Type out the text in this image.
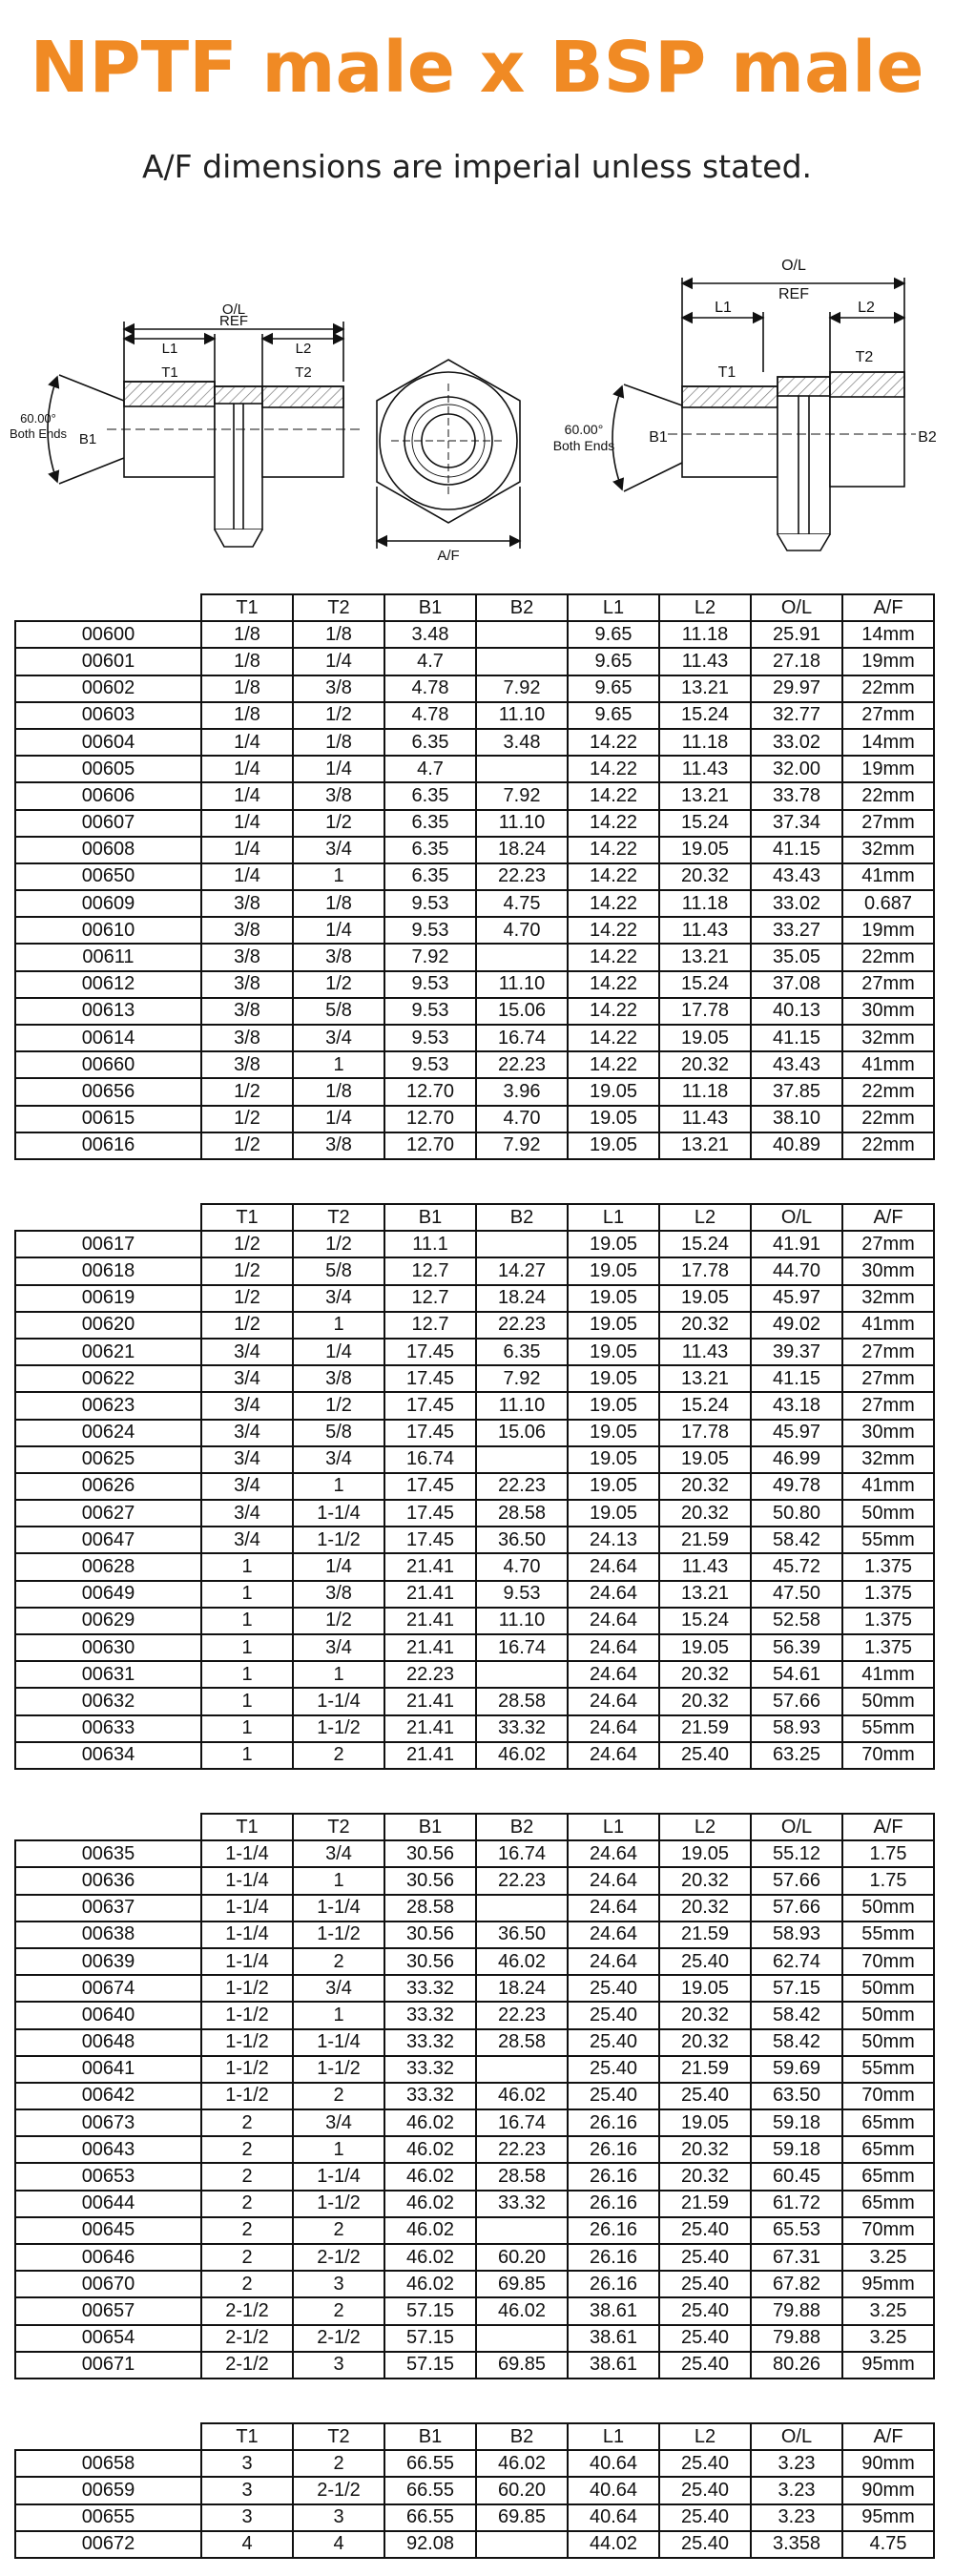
NPTF male x BSP male
A/F dimensions are imperial unless stated.
O/L
REF
L1	L2
T1	T2
B1
60.00°
Both Ends
A/F
O/L
REF
L1	L2
T1
T2
B1	B2
60.00°
Both Ends
	T1	T2	B1	B2	L1	L2	O/L	A/F
00600	1/8	1/8	3.48		9.65	11.18	25.91	14mm
00601	1/8	1/4	4.7		9.65	11.43	27.18	19mm
00602	1/8	3/8	4.78	7.92	9.65	13.21	29.97	22mm
00603	1/8	1/2	4.78	11.10	9.65	15.24	32.77	27mm
00604	1/4	1/8	6.35	3.48	14.22	11.18	33.02	14mm
00605	1/4	1/4	4.7		14.22	11.43	32.00	19mm
00606	1/4	3/8	6.35	7.92	14.22	13.21	33.78	22mm
00607	1/4	1/2	6.35	11.10	14.22	15.24	37.34	27mm
00608	1/4	3/4	6.35	18.24	14.22	19.05	41.15	32mm
00650	1/4	1	6.35	22.23	14.22	20.32	43.43	41mm
00609	3/8	1/8	9.53	4.75	14.22	11.18	33.02	0.687
00610	3/8	1/4	9.53	4.70	14.22	11.43	33.27	19mm
00611	3/8	3/8	7.92		14.22	13.21	35.05	22mm
00612	3/8	1/2	9.53	11.10	14.22	15.24	37.08	27mm
00613	3/8	5/8	9.53	15.06	14.22	17.78	40.13	30mm
00614	3/8	3/4	9.53	16.74	14.22	19.05	41.15	32mm
00660	3/8	1	9.53	22.23	14.22	20.32	43.43	41mm
00656	1/2	1/8	12.70	3.96	19.05	11.18	37.85	22mm
00615	1/2	1/4	12.70	4.70	19.05	11.43	38.10	22mm
00616	1/2	3/8	12.70	7.92	19.05	13.21	40.89	22mm
	T1	T2	B1	B2	L1	L2	O/L	A/F
00617	1/2	1/2	11.1		19.05	15.24	41.91	27mm
00618	1/2	5/8	12.7	14.27	19.05	17.78	44.70	30mm
00619	1/2	3/4	12.7	18.24	19.05	19.05	45.97	32mm
00620	1/2	1	12.7	22.23	19.05	20.32	49.02	41mm
00621	3/4	1/4	17.45	6.35	19.05	11.43	39.37	27mm
00622	3/4	3/8	17.45	7.92	19.05	13.21	41.15	27mm
00623	3/4	1/2	17.45	11.10	19.05	15.24	43.18	27mm
00624	3/4	5/8	17.45	15.06	19.05	17.78	45.97	30mm
00625	3/4	3/4	16.74		19.05	19.05	46.99	32mm
00626	3/4	1	17.45	22.23	19.05	20.32	49.78	41mm
00627	3/4	1-1/4	17.45	28.58	19.05	20.32	50.80	50mm
00647	3/4	1-1/2	17.45	36.50	24.13	21.59	58.42	55mm
00628	1	1/4	21.41	4.70	24.64	11.43	45.72	1.375
00649	1	3/8	21.41	9.53	24.64	13.21	47.50	1.375
00629	1	1/2	21.41	11.10	24.64	15.24	52.58	1.375
00630	1	3/4	21.41	16.74	24.64	19.05	56.39	1.375
00631	1	1	22.23		24.64	20.32	54.61	41mm
00632	1	1-1/4	21.41	28.58	24.64	20.32	57.66	50mm
00633	1	1-1/2	21.41	33.32	24.64	21.59	58.93	55mm
00634	1	2	21.41	46.02	24.64	25.40	63.25	70mm
	T1	T2	B1	B2	L1	L2	O/L	A/F
00635	1-1/4	3/4	30.56	16.74	24.64	19.05	55.12	1.75
00636	1-1/4	1	30.56	22.23	24.64	20.32	57.66	1.75
00637	1-1/4	1-1/4	28.58		24.64	20.32	57.66	50mm
00638	1-1/4	1-1/2	30.56	36.50	24.64	21.59	58.93	55mm
00639	1-1/4	2	30.56	46.02	24.64	25.40	62.74	70mm
00674	1-1/2	3/4	33.32	18.24	25.40	19.05	57.15	50mm
00640	1-1/2	1	33.32	22.23	25.40	20.32	58.42	50mm
00648	1-1/2	1-1/4	33.32	28.58	25.40	20.32	58.42	50mm
00641	1-1/2	1-1/2	33.32		25.40	21.59	59.69	55mm
00642	1-1/2	2	33.32	46.02	25.40	25.40	63.50	70mm
00673	2	3/4	46.02	16.74	26.16	19.05	59.18	65mm
00643	2	1	46.02	22.23	26.16	20.32	59.18	65mm
00653	2	1-1/4	46.02	28.58	26.16	20.32	60.45	65mm
00644	2	1-1/2	46.02	33.32	26.16	21.59	61.72	65mm
00645	2	2	46.02		26.16	25.40	65.53	70mm
00646	2	2-1/2	46.02	60.20	26.16	25.40	67.31	3.25
00670	2	3	46.02	69.85	26.16	25.40	67.82	95mm
00657	2-1/2	2	57.15	46.02	38.61	25.40	79.88	3.25
00654	2-1/2	2-1/2	57.15		38.61	25.40	79.88	3.25
00671	2-1/2	3	57.15	69.85	38.61	25.40	80.26	95mm
	T1	T2	B1	B2	L1	L2	O/L	A/F
00658	3	2	66.55	46.02	40.64	25.40	3.23	90mm
00659	3	2-1/2	66.55	60.20	40.64	25.40	3.23	90mm
00655	3	3	66.55	69.85	40.64	25.40	3.23	95mm
00672	4	4	92.08		44.02	25.40	3.358	4.75
